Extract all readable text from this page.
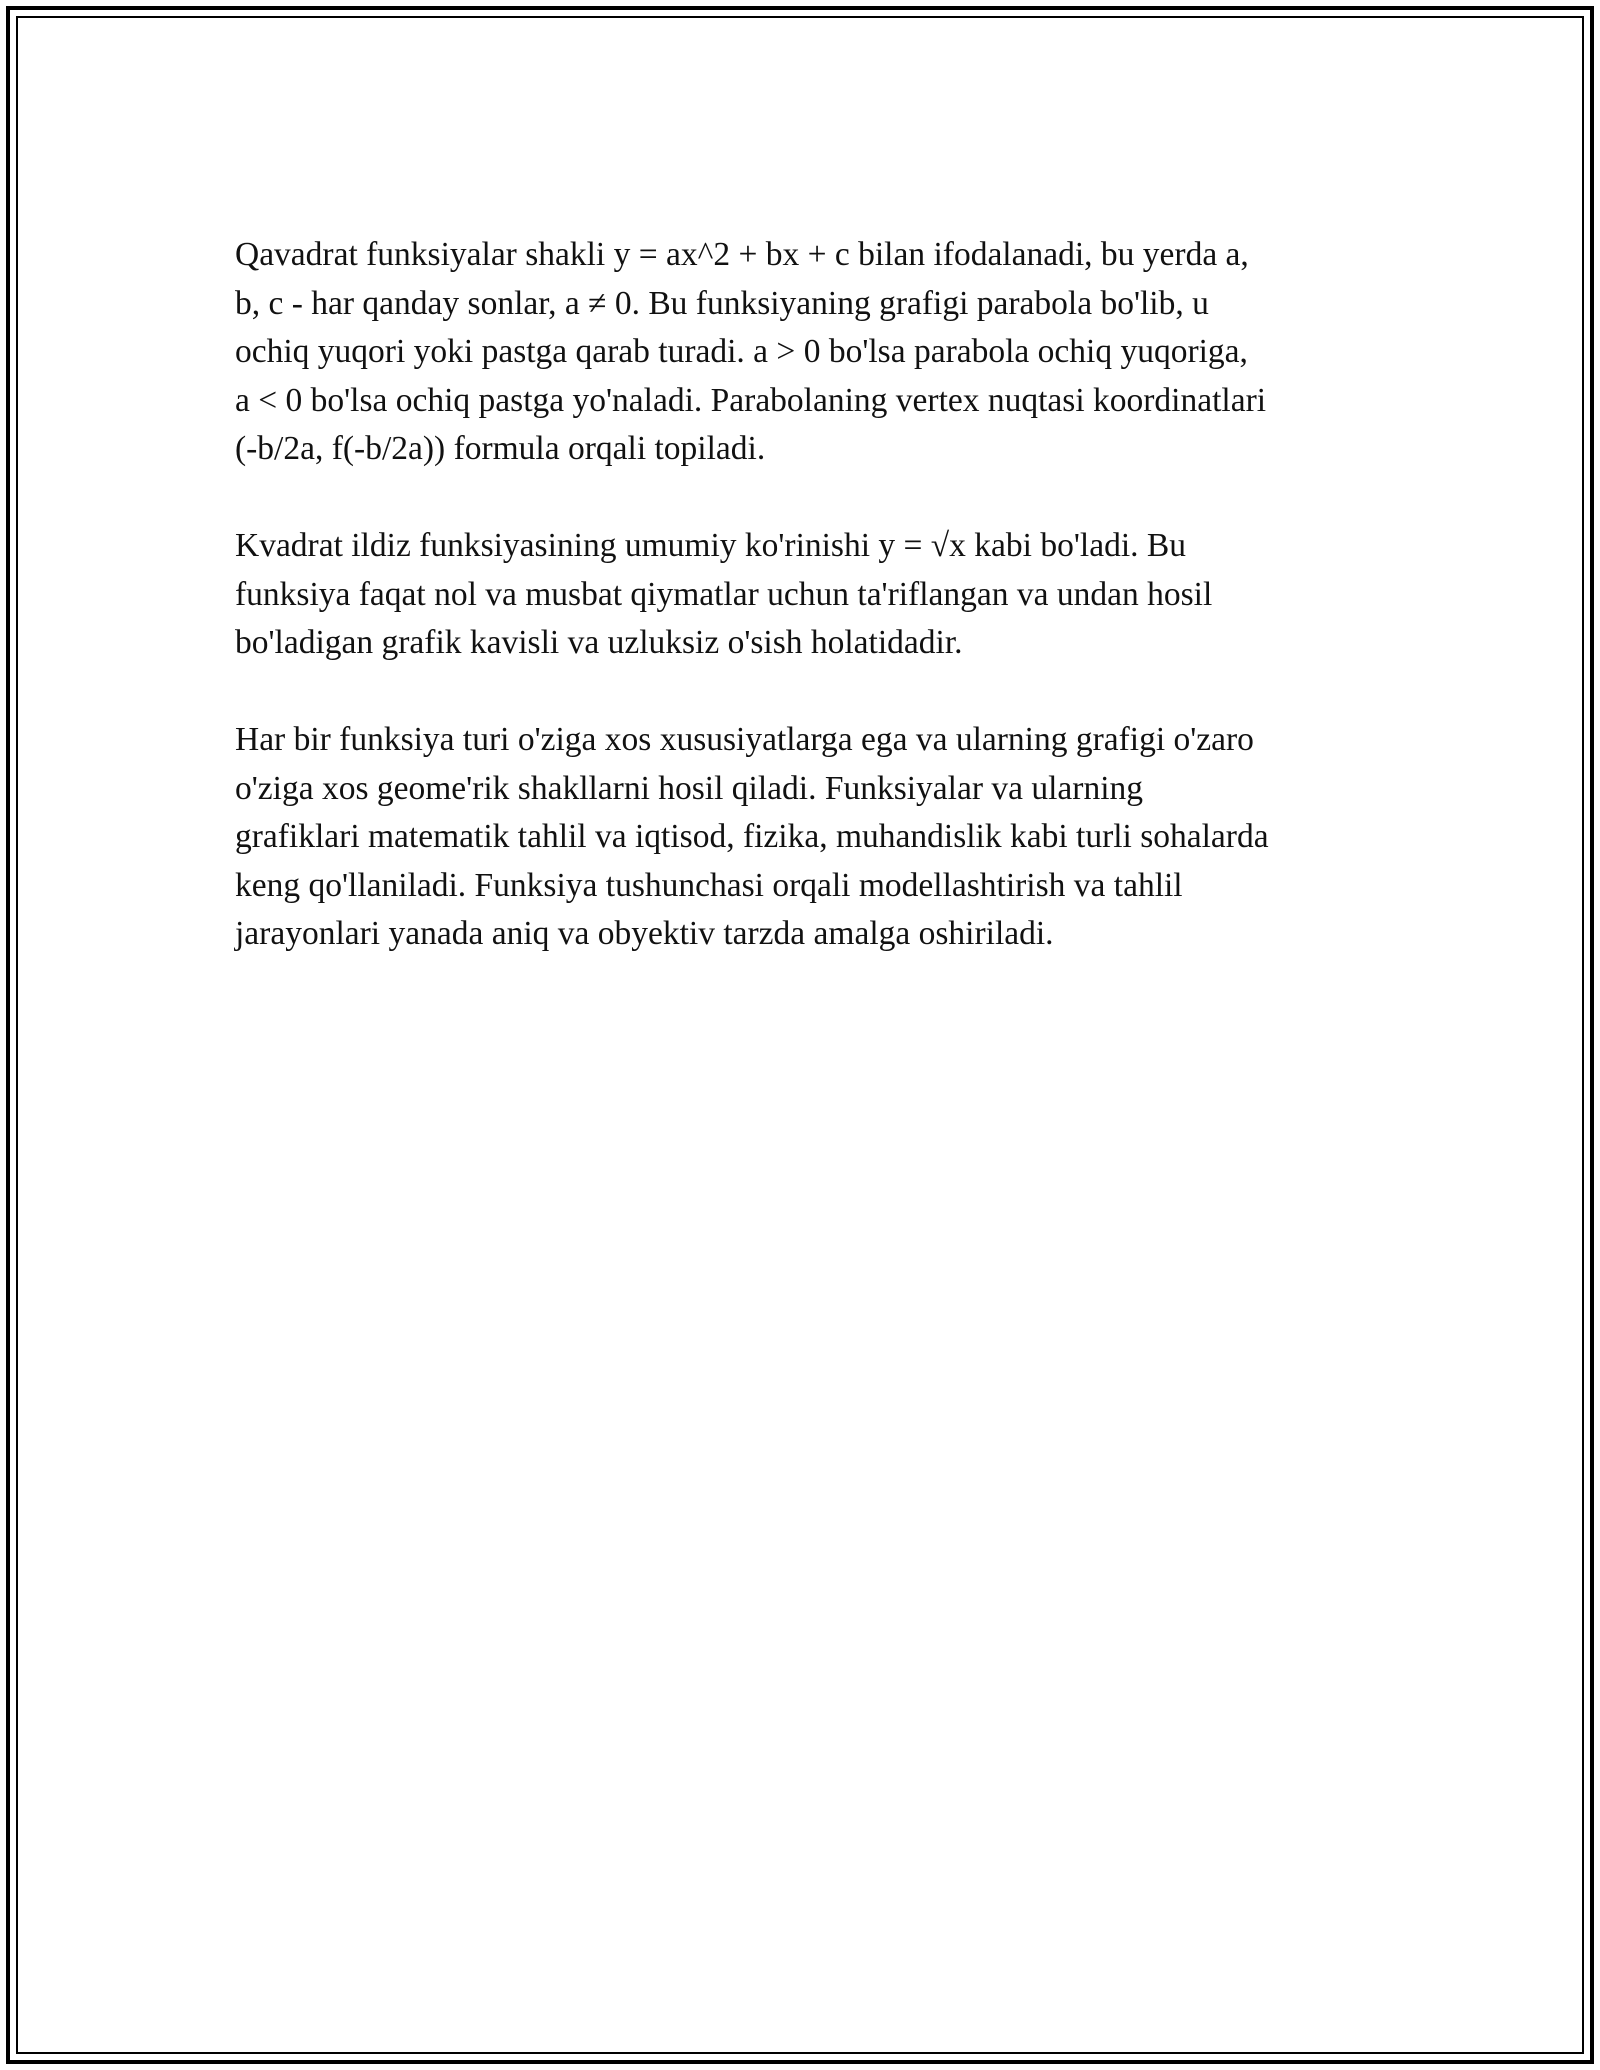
Qavadrat funksiyalar shakli y = ax^2 + bx + c bilan ifodalanadi, bu yerda a,
b, c - har qanday sonlar, a ≠ 0. Bu funksiyaning grafigi parabola bo'lib, u
ochiq yuqori yoki pastga qarab turadi. a > 0 bo'lsa parabola ochiq yuqoriga,
a < 0 bo'lsa ochiq pastga yo'naladi. Parabolaning vertex nuqtasi koordinatlari
(-b/2a, f(-b/2a)) formula orqali topiladi.

Kvadrat ildiz funksiyasining umumiy ko'rinishi y = √x kabi bo'ladi. Bu
funksiya faqat nol va musbat qiymatlar uchun ta'riflangan va undan hosil
bo'ladigan grafik kavisli va uzluksiz o'sish holatidadir.

Har bir funksiya turi o'ziga xos xususiyatlarga ega va ularning grafigi o'zaro
o'ziga xos geome'rik shakllarni hosil qiladi. Funksiyalar va ularning
grafiklari matematik tahlil va iqtisod, fizika, muhandislik kabi turli sohalarda
keng qo'llaniladi. Funksiya tushunchasi orqali modellashtirish va tahlil
jarayonlari yanada aniq va obyektiv tarzda amalga oshiriladi.
